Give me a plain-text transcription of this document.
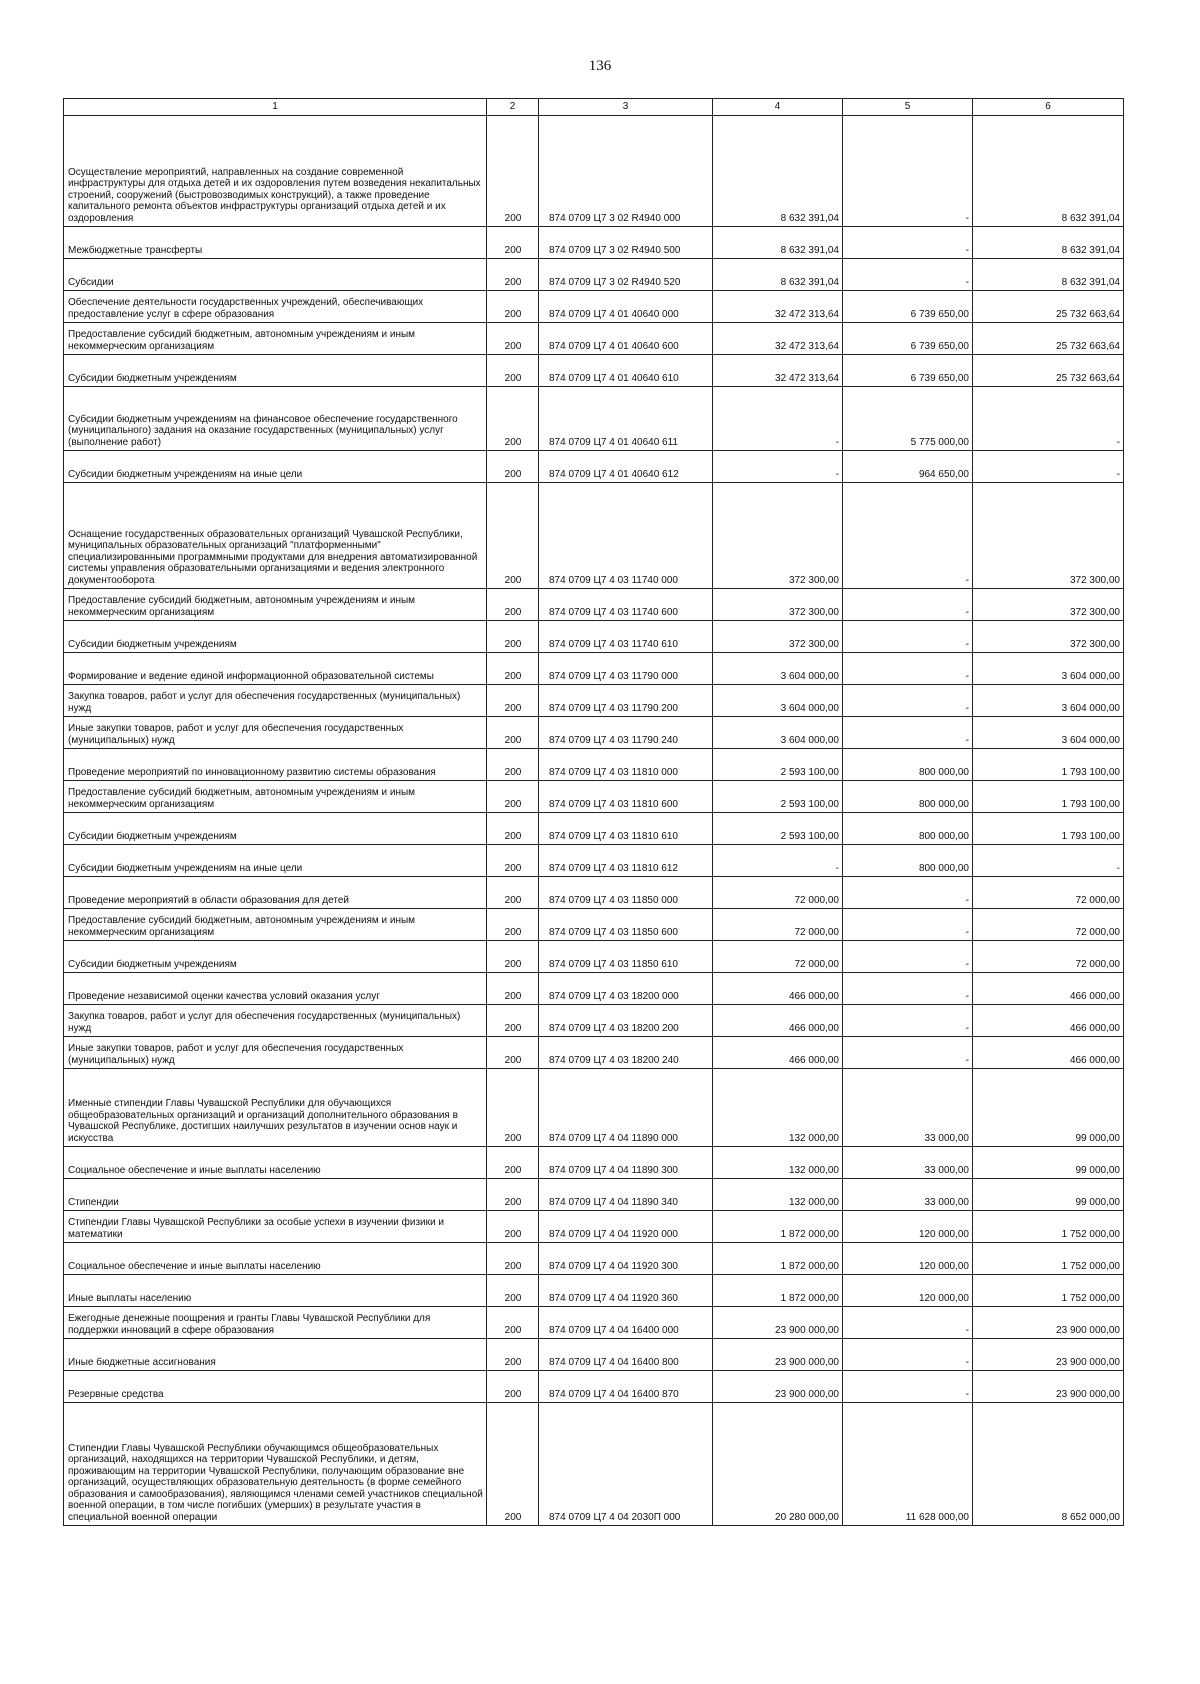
136
1	2	3	4	5	6
Осуществление мероприятий, направленных на создание современной инфраструктуры для отдыха детей и их оздоровления путем возведения некапитальных строений, сооружений (быстровозводимых конструкций), а также проведение капитального ремонта объектов инфраструктуры организаций отдыха детей и их оздоровления	200	874 0709 Ц7 3 02 R4940 000	8 632 391,04	-	8 632 391,04
Межбюджетные трансферты	200	874 0709 Ц7 3 02 R4940 500	8 632 391,04	-	8 632 391,04
Субсидии	200	874 0709 Ц7 3 02 R4940 520	8 632 391,04	-	8 632 391,04
Обеспечение деятельности государственных учреждений, обеспечивающих предоставление услуг в сфере образования	200	874 0709 Ц7 4 01 40640 000	32 472 313,64	6 739 650,00	25 732 663,64
Предоставление субсидий бюджетным, автономным учреждениям и иным некоммерческим организациям	200	874 0709 Ц7 4 01 40640 600	32 472 313,64	6 739 650,00	25 732 663,64
Субсидии бюджетным учреждениям	200	874 0709 Ц7 4 01 40640 610	32 472 313,64	6 739 650,00	25 732 663,64
Субсидии бюджетным учреждениям на финансовое обеспечение государственного (муниципального) задания на оказание государственных (муниципальных) услуг (выполнение работ)	200	874 0709 Ц7 4 01 40640 611	-	5 775 000,00	-
Субсидии бюджетным учреждениям на иные цели	200	874 0709 Ц7 4 01 40640 612	-	964 650,00	-
Оснащение государственных образовательных организаций Чувашской Республики, муниципальных образовательных организаций "платформенными" специализированными программными продуктами для внедрения автоматизированной системы управления образовательными организациями и ведения электронного документооборота	200	874 0709 Ц7 4 03 11740 000	372 300,00	-	372 300,00
Предоставление субсидий бюджетным, автономным учреждениям и иным некоммерческим организациям	200	874 0709 Ц7 4 03 11740 600	372 300,00	-	372 300,00
Субсидии бюджетным учреждениям	200	874 0709 Ц7 4 03 11740 610	372 300,00	-	372 300,00
Формирование и ведение единой информационной образовательной системы	200	874 0709 Ц7 4 03 11790 000	3 604 000,00	-	3 604 000,00
Закупка товаров, работ и услуг для обеспечения государственных (муниципальных) нужд	200	874 0709 Ц7 4 03 11790 200	3 604 000,00	-	3 604 000,00
Иные закупки товаров, работ и услуг для обеспечения государственных (муниципальных) нужд	200	874 0709 Ц7 4 03 11790 240	3 604 000,00	-	3 604 000,00
Проведение мероприятий по инновационному развитию системы образования	200	874 0709 Ц7 4 03 11810 000	2 593 100,00	800 000,00	1 793 100,00
Предоставление субсидий бюджетным, автономным учреждениям и иным некоммерческим организациям	200	874 0709 Ц7 4 03 11810 600	2 593 100,00	800 000,00	1 793 100,00
Субсидии бюджетным учреждениям	200	874 0709 Ц7 4 03 11810 610	2 593 100,00	800 000,00	1 793 100,00
Субсидии бюджетным учреждениям на иные цели	200	874 0709 Ц7 4 03 11810 612	-	800 000,00	-
Проведение мероприятий в области образования для детей	200	874 0709 Ц7 4 03 11850 000	72 000,00	-	72 000,00
Предоставление субсидий бюджетным, автономным учреждениям и иным некоммерческим организациям	200	874 0709 Ц7 4 03 11850 600	72 000,00	-	72 000,00
Субсидии бюджетным учреждениям	200	874 0709 Ц7 4 03 11850 610	72 000,00	-	72 000,00
Проведение независимой оценки качества условий оказания услуг	200	874 0709 Ц7 4 03 18200 000	466 000,00	-	466 000,00
Закупка товаров, работ и услуг для обеспечения государственных (муниципальных) нужд	200	874 0709 Ц7 4 03 18200 200	466 000,00	-	466 000,00
Иные закупки товаров, работ и услуг для обеспечения государственных (муниципальных) нужд	200	874 0709 Ц7 4 03 18200 240	466 000,00	-	466 000,00
Именные стипендии Главы Чувашской Республики для обучающихся общеобразовательных организаций и организаций дополнительного образования в Чувашской Республике, достигших наилучших результатов в изучении основ наук и искусства	200	874 0709 Ц7 4 04 11890 000	132 000,00	33 000,00	99 000,00
Социальное обеспечение и иные выплаты населению	200	874 0709 Ц7 4 04 11890 300	132 000,00	33 000,00	99 000,00
Стипендии	200	874 0709 Ц7 4 04 11890 340	132 000,00	33 000,00	99 000,00
Стипендии Главы Чувашской Республики за особые успехи в изучении физики и математики	200	874 0709 Ц7 4 04 11920 000	1 872 000,00	120 000,00	1 752 000,00
Социальное обеспечение и иные выплаты населению	200	874 0709 Ц7 4 04 11920 300	1 872 000,00	120 000,00	1 752 000,00
Иные выплаты населению	200	874 0709 Ц7 4 04 11920 360	1 872 000,00	120 000,00	1 752 000,00
Ежегодные денежные поощрения и гранты Главы Чувашской Республики для поддержки инноваций в сфере образования	200	874 0709 Ц7 4 04 16400 000	23 900 000,00	-	23 900 000,00
Иные бюджетные ассигнования	200	874 0709 Ц7 4 04 16400 800	23 900 000,00	-	23 900 000,00
Резервные средства	200	874 0709 Ц7 4 04 16400 870	23 900 000,00	-	23 900 000,00
Стипендии Главы Чувашской Республики обучающимся общеобразовательных организаций, находящихся на территории Чувашской Республики, и детям, проживающим на территории Чувашской Республики, получающим образование вне организаций, осуществляющих образовательную деятельность (в форме семейного образования и самообразования), являющимся членами семей участников специальной военной операции, в том числе погибших (умерших) в результате участия в специальной военной операции	200	874 0709 Ц7 4 04 2030П 000	20 280 000,00	11 628 000,00	8 652 000,00
